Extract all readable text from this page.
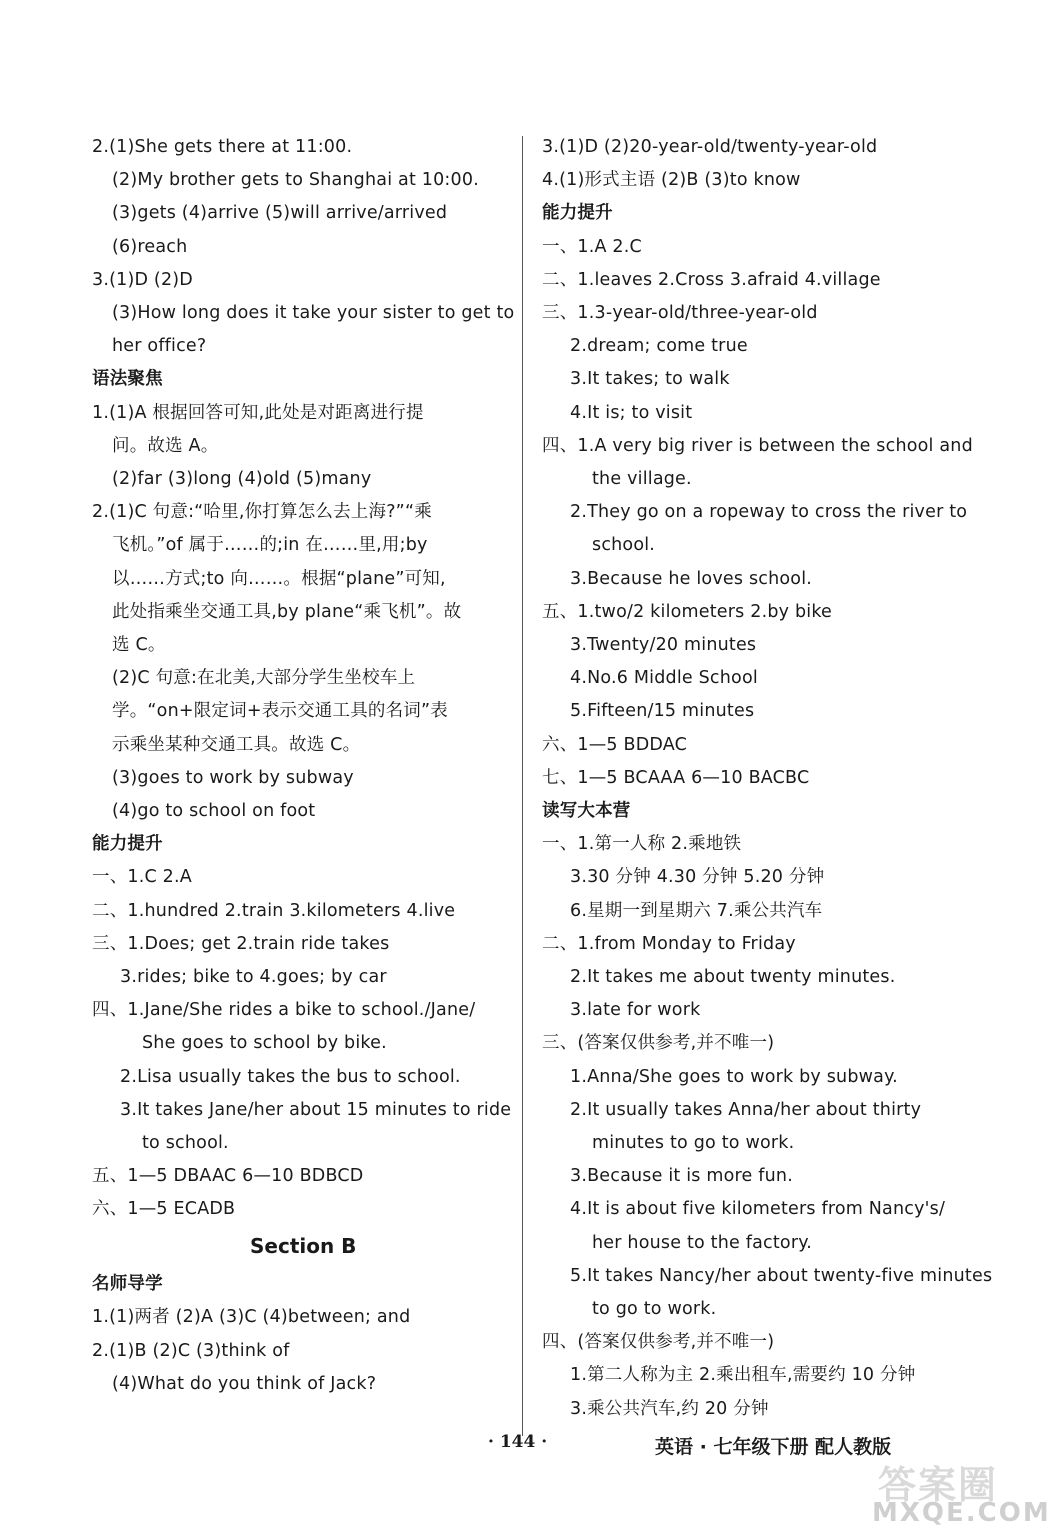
2.(1)She gets there at 11:00.
(2)My brother gets to Shanghai at 10:00.
(3)gets (4)arrive (5)will arrive/arrived
(6)reach
3.(1)D (2)D
(3)How long does it take your sister to get to
her office?
语法聚焦
1.(1)A 根据回答可知,此处是对距离进行提
问。故选 A。
(2)far (3)long (4)old (5)many
2.(1)C 句意:“哈里,你打算怎么去上海?”“乘
飞机。”of 属于……的;in 在……里,用;by
以……方式;to 向……。根据“plane”可知,
此处指乘坐交通工具,by plane“乘飞机”。故
选 C。
(2)C 句意:在北美,大部分学生坐校车上
学。“on+限定词+表示交通工具的名词”表
示乘坐某种交通工具。故选 C。
(3)goes to work by subway
(4)go to school on foot
能力提升
一、1.C 2.A
二、1.hundred 2.train 3.kilometers 4.live
三、1.Does; get 2.train ride takes
3.rides; bike to 4.goes; by car
四、1.Jane/She rides a bike to school./Jane/
She goes to school by bike.
2.Lisa usually takes the bus to school.
3.It takes Jane/her about 15 minutes to ride
to school.
五、1—5 DBAAC 6—10 BDBCD
六、1—5 ECADB
Section B
名师导学
1.(1)两者 (2)A (3)C (4)between; and
2.(1)B (2)C (3)think of
(4)What do you think of Jack?
3.(1)D (2)20-year-old/twenty-year-old
4.(1)形式主语 (2)B (3)to know
能力提升
一、1.A 2.C
二、1.leaves 2.Cross 3.afraid 4.village
三、1.3-year-old/three-year-old
2.dream; come true
3.It takes; to walk
4.It is; to visit
四、1.A very big river is between the school and
the village.
2.They go on a ropeway to cross the river to
school.
3.Because he loves school.
五、1.two/2 kilometers 2.by bike
3.Twenty/20 minutes
4.No.6 Middle School
5.Fifteen/15 minutes
六、1—5 BDDAC
七、1—5 BCAAA 6—10 BACBC
读写大本营
一、1.第一人称 2.乘地铁
3.30 分钟 4.30 分钟 5.20 分钟
6.星期一到星期六 7.乘公共汽车
二、1.from Monday to Friday
2.It takes me about twenty minutes.
3.late for work
三、(答案仅供参考,并不唯一)
1.Anna/She goes to work by subway.
2.It usually takes Anna/her about thirty
minutes to go to work.
3.Because it is more fun.
4.It is about five kilometers from Nancy's/
her house to the factory.
5.It takes Nancy/her about twenty-five minutes
to go to work.
四、(答案仅供参考,并不唯一)
1.第二人称为主 2.乘出租车,需要约 10 分钟
3.乘公共汽车,约 20 分钟
· 144 ·	英语 · 七年级下册 配人教版
答案圈
MXQE.COM
